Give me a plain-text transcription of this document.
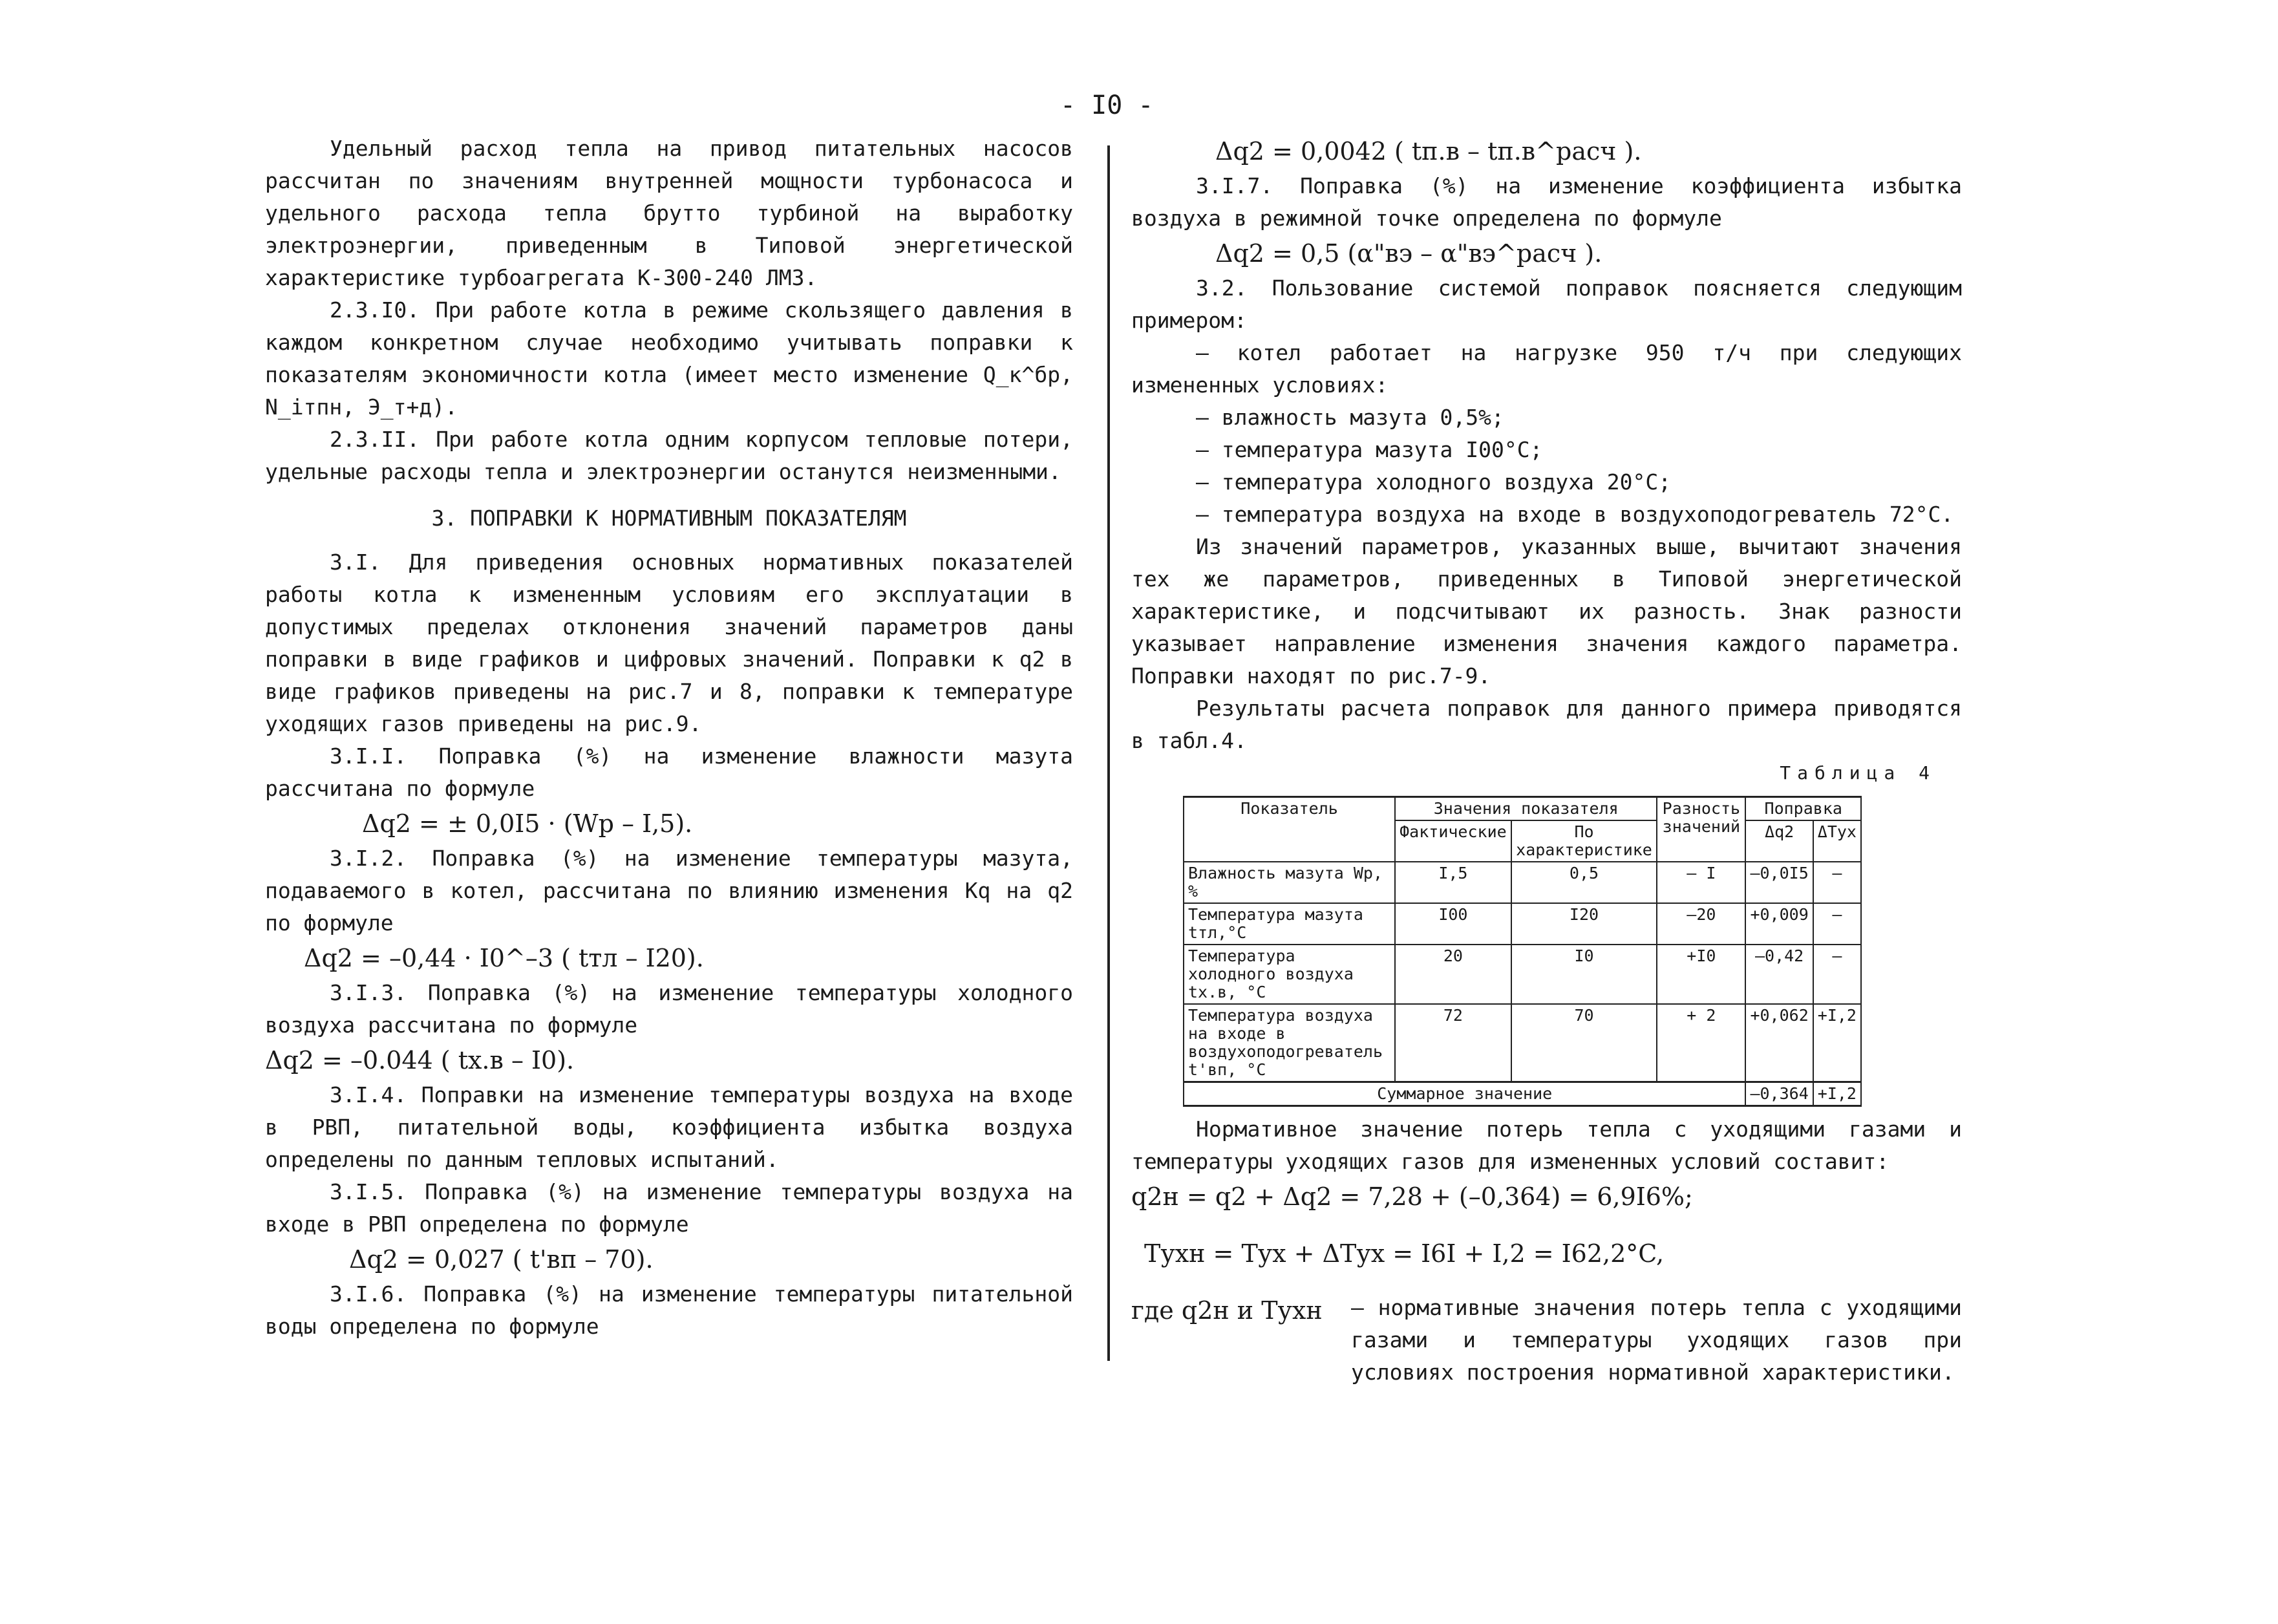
- I0 -

Удельный расход тепла на привод питательных насосов рассчитан по значениям внутренней мощности турбонасоса и удельного расхода тепла брутто турбиной на выработку электроэнергии, приведенным в Типовой энергетической характеристике турбоагрегата К-300-240 ЛМЗ.

2.3.I0. При работе котла в режиме скользящего давления в каждом конкретном случае необходимо учитывать поправки к показателям экономичности котла (имеет место изменение Q_к^бр, N_iтпн, Э_т+д).

2.3.II. При работе котла одним корпусом тепловые потери, удельные расходы тепла и электроэнергии останутся неизменными.

3. ПОПРАВКИ К НОРМАТИВНЫМ ПОКАЗАТЕЛЯМ

3.I. Для приведения основных нормативных показателей работы котла к измененным условиям его эксплуатации в допустимых пределах отклонения значений параметров даны поправки в виде графиков и цифровых значений. Поправки к q2 в виде графиков приведены на рис.7 и 8, поправки к температуре уходящих газов приведены на рис.9.

3.I.I. Поправка (%) на изменение влажности мазута рассчитана по формуле

Δq2 = ± 0,0I5 · (Wp – I,5).

3.I.2. Поправка (%) на изменение температуры мазута, подаваемого в котел, рассчитана по влиянию изменения Kq на q2 по формуле

Δq2 = –0,44 · I0^–3 ( tтл – I20).

3.I.3. Поправка (%) на изменение температуры холодного воздуха рассчитана по формуле

Δq2 = –0.044 ( tх.в – I0).

3.I.4. Поправки на изменение температуры воздуха на входе в РВП, питательной воды, коэффициента избытка воздуха определены по данным тепловых испытаний.

3.I.5. Поправка (%) на изменение температуры воздуха на входе в РВП определена по формуле

Δq2 = 0,027 ( t'вп – 70).

3.I.6. Поправка (%) на изменение температуры питательной воды определена по формуле

Δq2 = 0,0042 ( tп.в – tп.в^расч ).

3.I.7. Поправка (%) на изменение коэффициента избытка воздуха в режимной точке определена по формуле

Δq2 = 0,5 (α"вэ – α"вэ^расч ).

3.2. Пользование системой поправок поясняется следующим примером:

– котел работает на нагрузке 950 т/ч при следующих измененных условиях:

– влажность мазута 0,5%;

– температура мазута I00°C;

– температура холодного воздуха 20°C;

– температура воздуха на входе в воздухоподогреватель 72°C.

Из значений параметров, указанных выше, вычитают значения тех же параметров, приведенных в Типовой энергетической характеристике, и подсчитывают их разность. Знак разности указывает направление изменения значения каждого параметра. Поправки находят по рис.7-9.

Результаты расчета поправок для данного примера приводятся в табл.4.

Таблица 4
Показатель	Значения показателя		Разность значений	Поправка	
	Фактические	По характеристике		Δq2	ΔTух
Влажность мазута Wp, %	I,5	0,5	– I	–0,0I5	–
Температура мазута tтл,°C	I00	I20	–20	+0,009	–
Температура холодного воздуха tх.в, °C	20	I0	+I0	–0,42	–
Температура воздуха на входе в воздухоподогреватель t'вп, °C	72	70	+ 2	+0,062	+I,2
Суммарное значение				–0,364	+I,2

Нормативное значение потерь тепла с уходящими газами и температуры уходящих газов для измененных условий составит:

q2н = q2 + Δq2 = 7,28 + (–0,364) = 6,9I6%;

Tухн = Tух + ΔTух = I6I + I,2 = I62,2°C,

где q2н и Tухн	– нормативные значения потерь тепла с уходящими газами и температуры уходящих газов при условиях построения нормативной характеристики.
